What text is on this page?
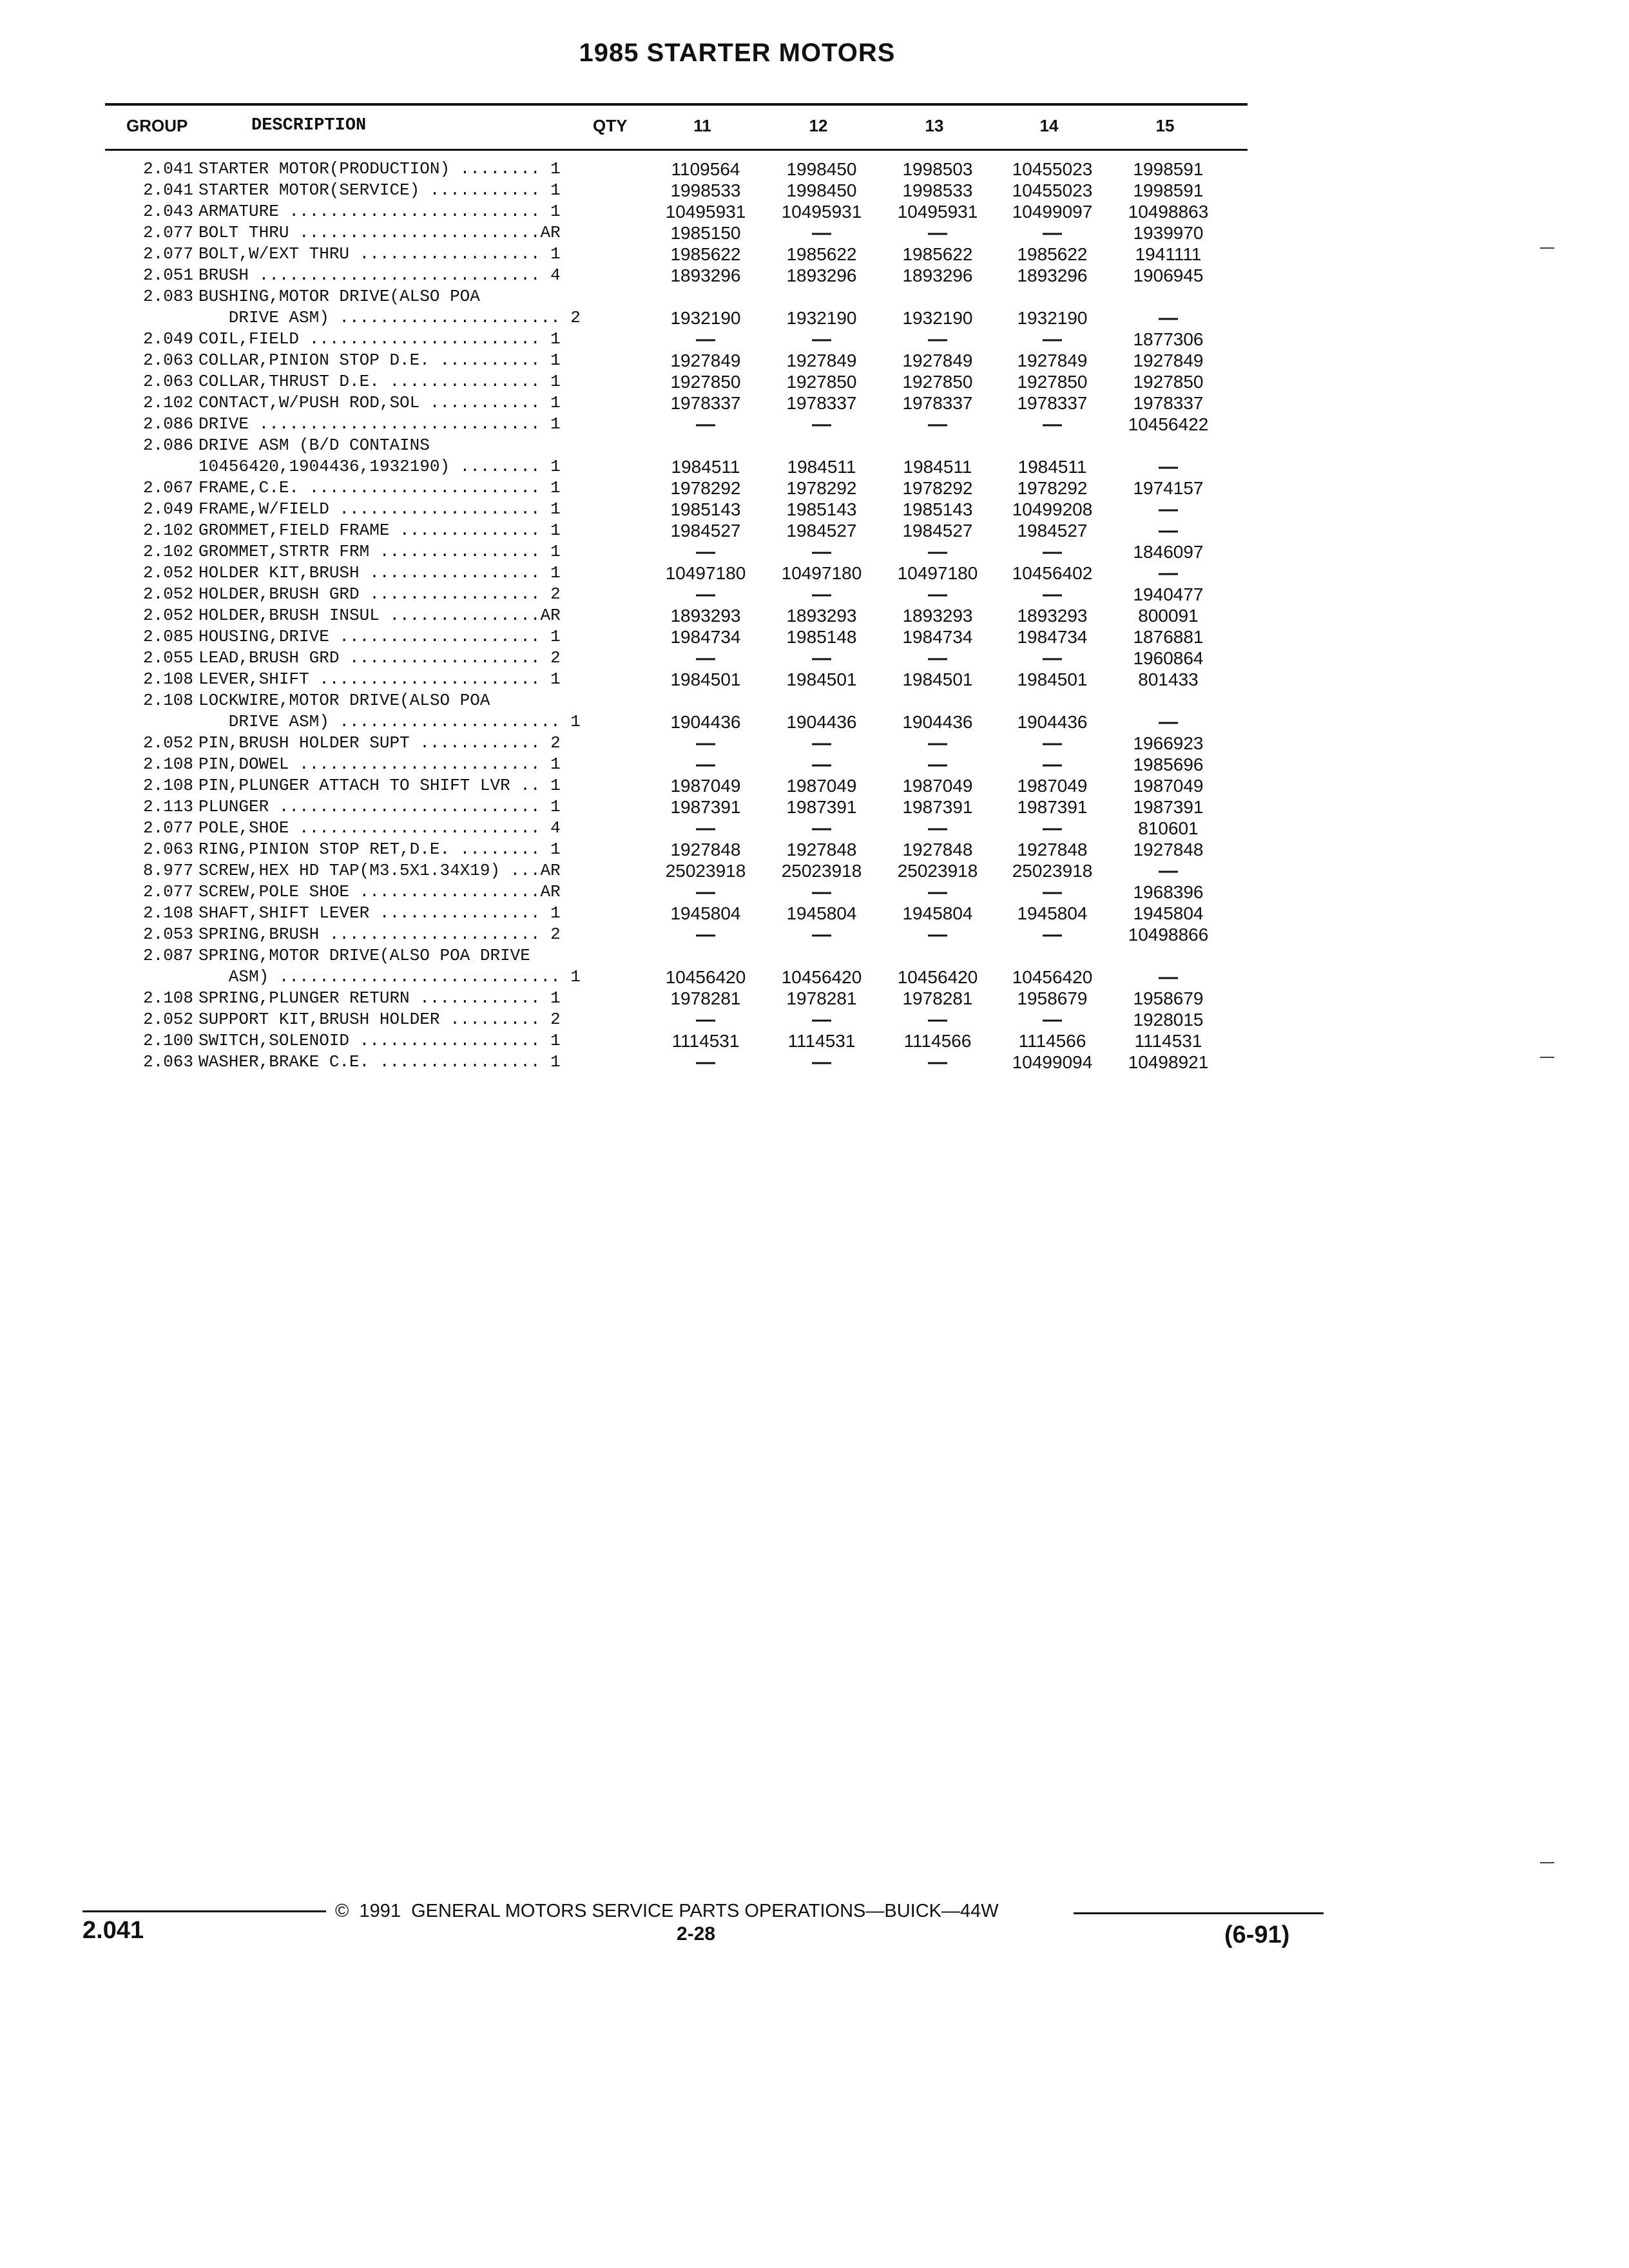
1985 STARTER MOTORS
GROUP	DESCRIPTION	QTY	11	12	13	14	15
2.041 STARTER MOTOR(PRODUCTION) ........ 1	1109564	1998450	1998503	10455023	1998591
2.041 STARTER MOTOR(SERVICE) ........... 1	1998533	1998450	1998533	10455023	1998591
2.043 ARMATURE ......................... 1	10495931	10495931	10495931	10499097	10498863
2.077 BOLT THRU ........................AR	1985150	—	—	—	1939970
2.077 BOLT,W/EXT THRU .................. 1	1985622	1985622	1985622	1985622	1941111
2.051 BRUSH ............................ 4	1893296	1893296	1893296	1893296	1906945
2.083 BUSHING,MOTOR DRIVE(ALSO POA
DRIVE ASM) ...................... 2	1932190	1932190	1932190	1932190	—
2.049 COIL,FIELD ....................... 1	—	—	—	—	1877306
2.063 COLLAR,PINION STOP D.E. .......... 1	1927849	1927849	1927849	1927849	1927849
2.063 COLLAR,THRUST D.E. ............... 1	1927850	1927850	1927850	1927850	1927850
2.102 CONTACT,W/PUSH ROD,SOL ........... 1	1978337	1978337	1978337	1978337	1978337
2.086 DRIVE ............................ 1	—	—	—	—	10456422
2.086 DRIVE ASM (B/D CONTAINS
10456420,1904436,1932190) ........ 1	1984511	1984511	1984511	1984511	—
2.067 FRAME,C.E. ....................... 1	1978292	1978292	1978292	1978292	1974157
2.049 FRAME,W/FIELD .................... 1	1985143	1985143	1985143	10499208	—
2.102 GROMMET,FIELD FRAME .............. 1	1984527	1984527	1984527	1984527	—
2.102 GROMMET,STRTR FRM ................ 1	—	—	—	—	1846097
2.052 HOLDER KIT,BRUSH ................. 1	10497180	10497180	10497180	10456402	—
2.052 HOLDER,BRUSH GRD ................. 2	—	—	—	—	1940477
2.052 HOLDER,BRUSH INSUL ...............AR	1893293	1893293	1893293	1893293	800091
2.085 HOUSING,DRIVE .................... 1	1984734	1985148	1984734	1984734	1876881
2.055 LEAD,BRUSH GRD ................... 2	—	—	—	—	1960864
2.108 LEVER,SHIFT ...................... 1	1984501	1984501	1984501	1984501	801433
2.108 LOCKWIRE,MOTOR DRIVE(ALSO POA
DRIVE ASM) ...................... 1	1904436	1904436	1904436	1904436	—
2.052 PIN,BRUSH HOLDER SUPT ............ 2	—	—	—	—	1966923
2.108 PIN,DOWEL ........................ 1	—	—	—	—	1985696
2.108 PIN,PLUNGER ATTACH TO SHIFT LVR .. 1	1987049	1987049	1987049	1987049	1987049
2.113 PLUNGER .......................... 1	1987391	1987391	1987391	1987391	1987391
2.077 POLE,SHOE ........................ 4	—	—	—	—	810601
2.063 RING,PINION STOP RET,D.E. ........ 1	1927848	1927848	1927848	1927848	1927848
8.977 SCREW,HEX HD TAP(M3.5X1.34X19) ...AR	25023918	25023918	25023918	25023918	—
2.077 SCREW,POLE SHOE ..................AR	—	—	—	—	1968396
2.108 SHAFT,SHIFT LEVER ................ 1	1945804	1945804	1945804	1945804	1945804
2.053 SPRING,BRUSH ..................... 2	—	—	—	—	10498866
2.087 SPRING,MOTOR DRIVE(ALSO POA DRIVE
ASM) ............................ 1	10456420	10456420	10456420	10456420	—
2.108 SPRING,PLUNGER RETURN ............ 1	1978281	1978281	1978281	1958679	1958679
2.052 SUPPORT KIT,BRUSH HOLDER ......... 2	—	—	—	—	1928015
2.100 SWITCH,SOLENOID .................. 1	1114531	1114531	1114566	1114566	1114531
2.063 WASHER,BRAKE C.E. ................ 1	—	—	—	10499094	10498921
2.041
©  1991  GENERAL MOTORS SERVICE PARTS OPERATIONS—BUICK—44W
2-28	(6-91)
